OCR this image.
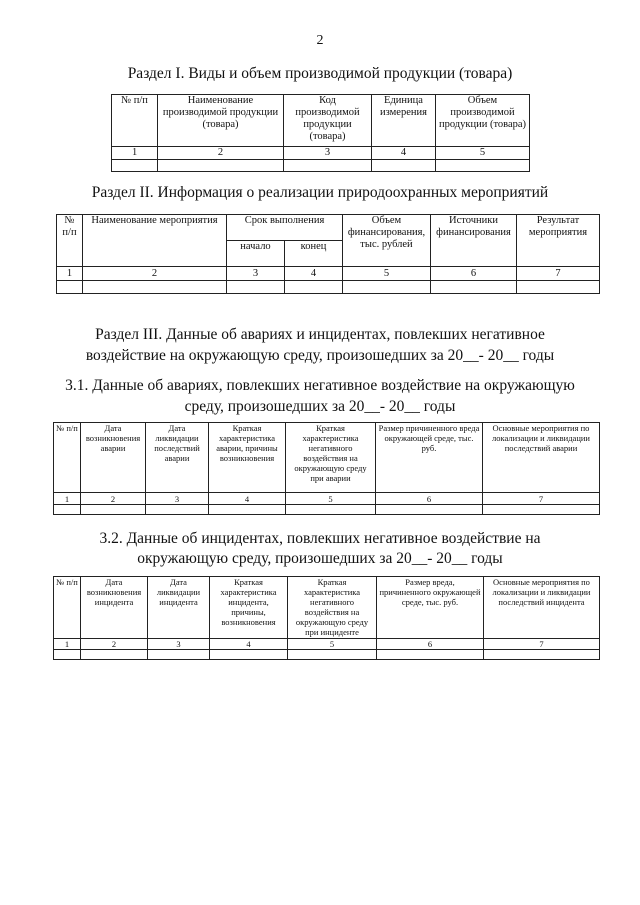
2
Раздел I. Виды и объем производимой продукции (товара)
№ п/п	Наименование производимой продукции (товара)	Код производимой продукции (товара)	Единица измерения	Объем производимой продукции (товара)
1	2	3	4	5

Раздел II. Информация о реализации природоохранных мероприятий
№ п/п	Наименование мероприятия	Срок выполнения		Объем финансирования, тыс. рублей	Источники финансирования	Результат мероприятия
		начало	конец			
1	2	3	4	5	6	7

Раздел III. Данные об авариях и инцидентах, повлекших негативное
воздействие на окружающую среду, произошедших за 20__- 20__ годы
3.1. Данные об авариях, повлекших негативное воздействие на окружающую
среду, произошедших за 20__- 20__ годы
№ п/п	Дата возникновения аварии	Дата ликвидации последствий аварии	Краткая характеристика аварии, причины возникновения	Краткая характеристика негативного воздействия на окружающую среду при аварии	Размер причиненного вреда окружающей среде, тыс. руб.	Основные мероприятия по локализации и ликвидации последствий аварии
1	2	3	4	5	6	7

3.2. Данные об инцидентах, повлекших негативное воздействие на
окружающую среду, произошедших за 20__- 20__ годы
№ п/п	Дата возникновения инцидента	Дата ликвидации инцидента	Краткая характеристика инцидента, причины, возникновения	Краткая характеристика негативного воздействия на окружающую среду при инциденте	Размер вреда, причиненного окружающей среде, тыс. руб.	Основные мероприятия по локализации и ликвидации последствий инцидента
1	2	3	4	5	6	7
